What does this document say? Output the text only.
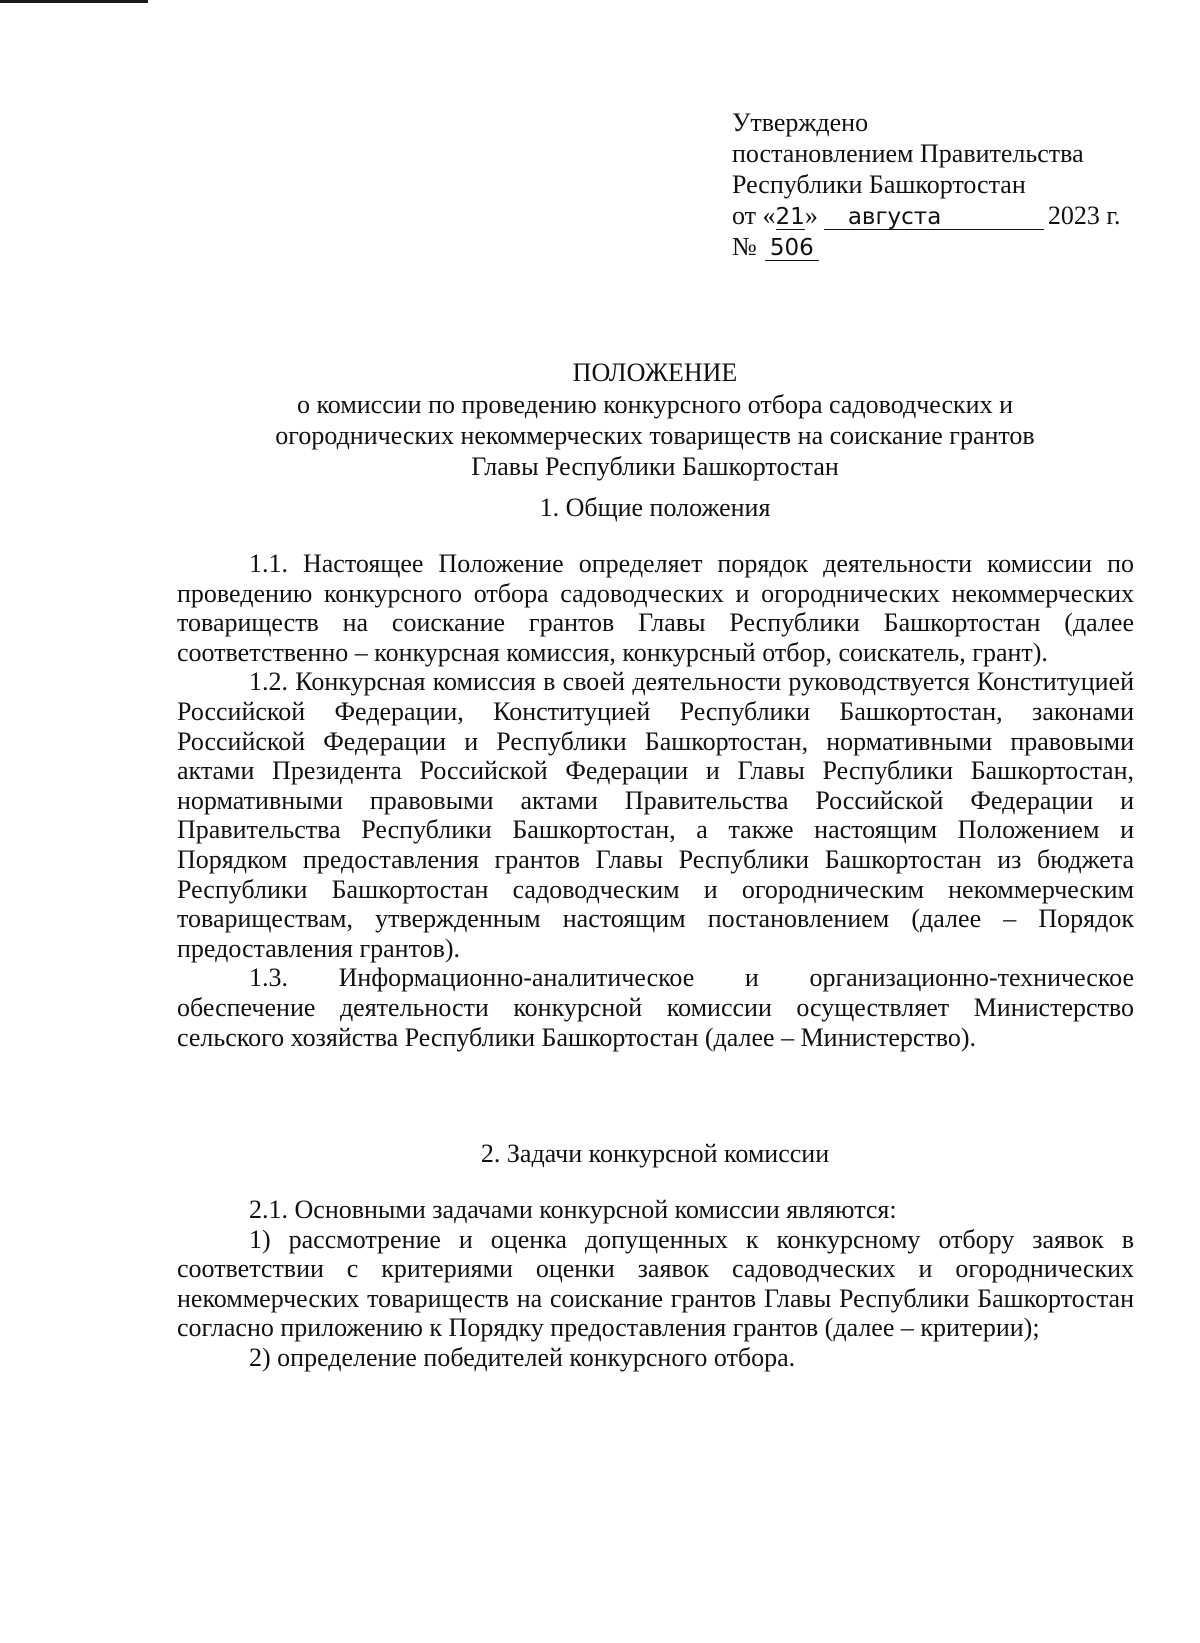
Утверждено
постановлением Правительства
Республики Башкортостан
от «21» августа	2023 г.
№ 506
ПОЛОЖЕНИЕ
о комиссии по проведению конкурсного отбора садоводческих и
огороднических некоммерческих товариществ на соискание грантов
Главы Республики Башкортостан
1. Общие положения

1.1. Настоящее Положение определяет порядок деятельности комиссии по проведению конкурсного отбора садоводческих и огороднических некоммерческих товариществ на соискание грантов Главы Республики Башкортостан (далее соответственно – конкурсная комиссия, конкурсный отбор, соискатель, грант).

1.2. Конкурсная комиссия в своей деятельности руководствуется Конституцией Российской Федерации, Конституцией Республики Башкортостан, законами Российской Федерации и Республики Башкортостан, нормативными правовыми актами Президента Российской Федерации и Главы Республики Башкортостан, нормативными правовыми актами Правительства Российской Федерации и Правительства Республики Башкортостан, а также настоящим Положением и Порядком предоставления грантов Главы Республики Башкортостан из бюджета Республики Башкортостан садоводческим и огородническим некоммерческим товариществам, утвержденным настоящим постановлением (далее – Порядок предоставления грантов).

1.3. Информационно-аналитическое и организационно-техническое обеспечение деятельности конкурсной комиссии осуществляет Министерство сельского хозяйства Республики Башкортостан (далее – Министерство).

2. Задачи конкурсной комиссии

2.1. Основными задачами конкурсной комиссии являются:

1) рассмотрение и оценка допущенных к конкурсному отбору заявок в соответствии с критериями оценки заявок садоводческих и огороднических некоммерческих товариществ на соискание грантов Главы Республики Башкортостан согласно приложению к Порядку предоставления грантов (далее – критерии);

2) определение победителей конкурсного отбора.
